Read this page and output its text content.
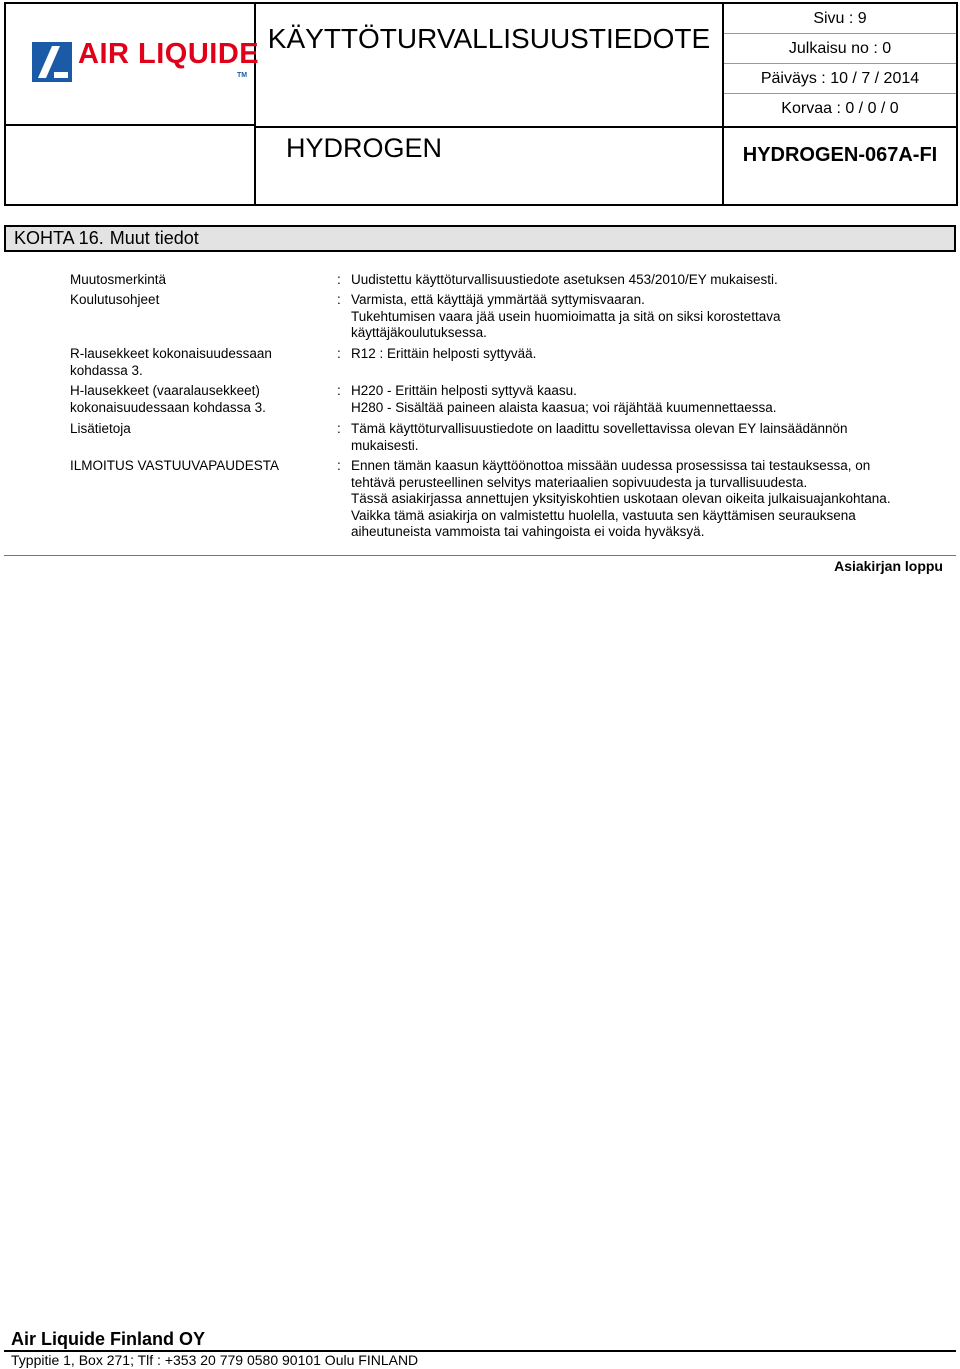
AIR LIQUIDE
TM
KÄYTTÖTURVALLISUUSTIEDOTE
HYDROGEN
Sivu : 9
Julkaisu no : 0
Päiväys : 10 / 7 / 2014
Korvaa : 0 / 0 / 0
HYDROGEN-067A-FI
KOHTA 16. Muut tiedot
Muutosmerkintä	: Uudistettu käyttöturvallisuustiedote asetuksen 453/2010/EY mukaisesti.
Koulutusohjeet	: Varmista, että käyttäjä ymmärtää syttymisvaaran.
Tukehtumisen vaara jää usein huomioimatta ja sitä on siksi korostettava
käyttäjäkoulutuksessa.
R-lausekkeet kokonaisuudessaan kohdassa 3.
: R12 : Erittäin helposti syttyvää.
H-lausekkeet (vaaralausekkeet) kokonaisuudessaan kohdassa 3.
: H220 - Erittäin helposti syttyvä kaasu.
H280 - Sisältää paineen alaista kaasua; voi räjähtää kuumennettaessa.
Lisätietoja	: Tämä käyttöturvallisuustiedote on laadittu sovellettavissa olevan EY lainsäädännön
mukaisesti.
ILMOITUS VASTUUVAPAUDESTA	: Ennen tämän kaasun käyttöönottoa missään uudessa prosessissa tai testauksessa, on
tehtävä perusteellinen selvitys materiaalien sopivuudesta ja turvallisuudesta.
Tässä asiakirjassa annettujen yksityiskohtien uskotaan olevan oikeita julkaisuajankohtana.
Vaikka tämä asiakirja on valmistettu huolella, vastuuta sen käyttämisen seurauksena
aiheutuneista vammoista tai vahingoista ei voida hyväksyä.
Asiakirjan loppu
Air Liquide Finland OY
Typpitie 1, Box 271; Tlf : +353 20 779 0580 90101 Oulu FINLAND
